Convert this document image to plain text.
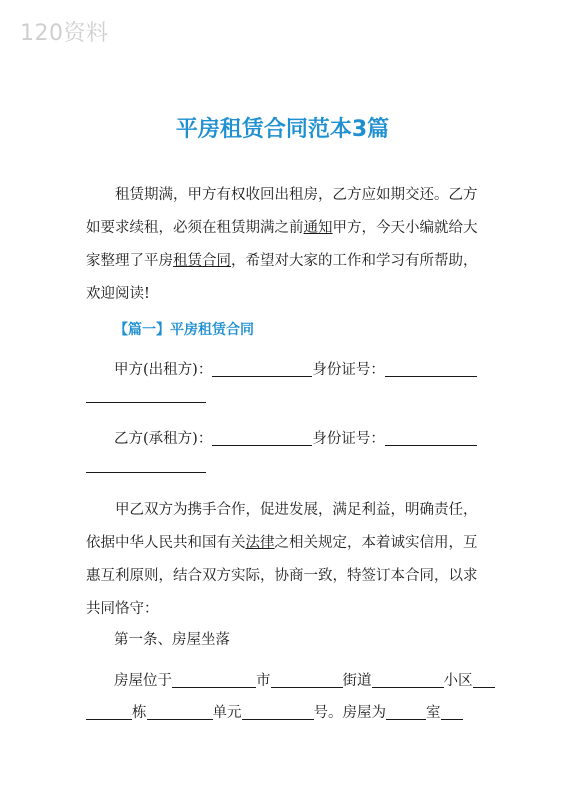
120资料
平房租赁合同范本3篇
租赁期满，甲方有权收回出租房，乙方应如期交还。乙方如要求续租，必须在租赁期满之前通知甲方，今天小编就给大家整理了平房租赁合同，希望对大家的工作和学习有所帮助，欢迎阅读!
【篇一】平房租赁合同
甲方(出租方)：	身份证号：
乙方(承租方)：	身份证号：
甲乙双方为携手合作，促进发展，满足利益，明确责任，依据中华人民共和国有关法律之相关规定，本着诚实信用，互惠互利原则，结合双方实际，协商一致，特签订本合同，以求共同恪守：
第一条、房屋坐落
房屋位于	市	街道	小区
栋	单元	号。房屋为	室
